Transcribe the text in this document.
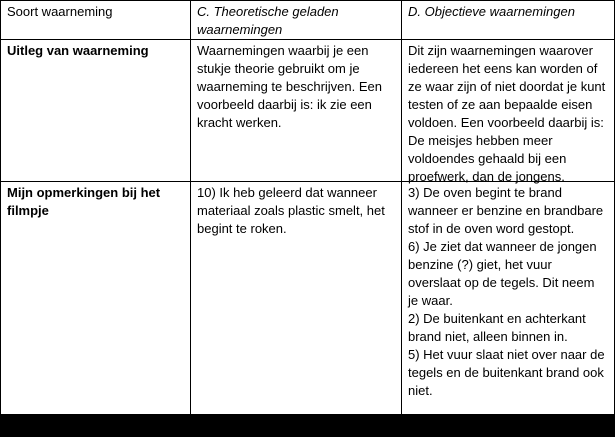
Soort waarneming	C. Theoretische geladen waarnemingen
D. Objectieve waarnemingen
Uitleg van waarneming	Waarnemingen waarbij je een stukje theorie gebruikt om je waarneming te beschrijven. Een voorbeeld daarbij is: ik zie een kracht werken.
Dit zijn waarnemingen waarover iedereen het eens kan worden of ze waar zijn of niet doordat je kunt testen of ze aan bepaalde eisen voldoen. Een voorbeeld daarbij is: De meisjes hebben meer voldoendes gehaald bij een proefwerk, dan de jongens.
Mijn opmerkingen bij het filmpje
10) Ik heb geleerd dat wanneer materiaal zoals plastic smelt, het begint te roken.

3) De oven begint te brand wanneer er benzine en brandbare stof in de oven word gestopt.

6) Je ziet dat wanneer de jongen benzine (?) giet, het vuur overslaat op de tegels. Dit neem je waar.

2) De buitenkant en achterkant brand niet, alleen binnen in.

5) Het vuur slaat niet over naar de tegels en de buitenkant brand ook niet.
